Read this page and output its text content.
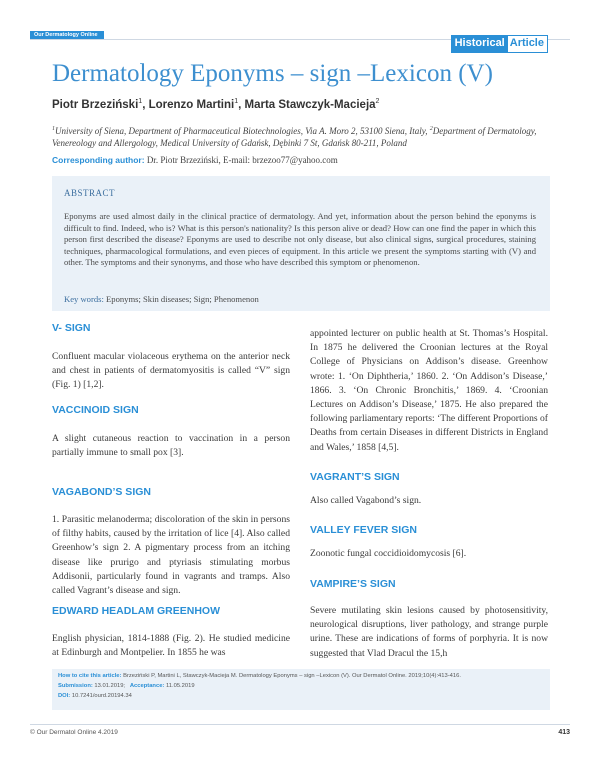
Our Dermatology Online
Historical Article
Dermatology Eponyms – sign –Lexicon (V)
Piotr Brzeziński$^1$, Lorenzo Martini$^1$, Marta Stawczyk-Macieja$^2$
$^1$University of Siena, Department of Pharmaceutical Biotechnologies, Via A. Moro 2, 53100 Siena, Italy, $^2$Department of Dermatology, Venereology and Allergology, Medical University of Gdańsk, Dębinki 7 St, Gdańsk 80-211, Poland
Corresponding author: Dr. Piotr Brzeziński, E-mail: brzezoo77@yahoo.com
ABSTRACT
Eponyms are used almost daily in the clinical practice of dermatology. And yet, information about the person behind the eponyms is difficult to find. Indeed, who is? What is this person's nationality? Is this person alive or dead? How can one find the paper in which this person first described the disease? Eponyms are used to describe not only disease, but also clinical signs, surgical procedures, staining techniques, pharmacological formulations, and even pieces of equipment. In this article we present the symptoms starting with (V) and other. The symptoms and their synonyms, and those who have described this symptom or phenomenon.
Key words: Eponyms; Skin diseases; Sign; Phenomenon
V- SIGN
Confluent macular violaceous erythema on the anterior neck and chest in patients of dermatomyositis is called “V” sign (Fig. 1) [1,2].
VACCINOID SIGN
A slight cutaneous reaction to vaccination in a person partially immune to small pox [3].
VAGABOND’S SIGN
1. Parasitic melanoderma; discoloration of the skin in persons of filthy habits, caused by the irritation of lice [4]. Also called Greenhow’s sign 2. A pigmentary process from an itching disease like prurigo and ptyriasis stimulating morbus Addisonii, particularly found in vagrants and tramps. Also called Vagrant’s disease and sign.
EDWARD HEADLAM GREENHOW
English physician, 1814-1888 (Fig. 2). He studied medicine at Edinburgh and Montpelier. In 1855 he was
appointed lecturer on public health at St. Thomas’s Hospital. In 1875 he delivered the Croonian lectures at the Royal College of Physicians on Addison’s disease. Greenhow wrote: 1. ‘On Diphtheria,’ 1860. 2. ‘On Addison’s Disease,’ 1866. 3. ‘On Chronic Bronchitis,’ 1869. 4. ‘Croonian Lectures on Addison’s Disease,’ 1875. He also prepared the following parliamentary reports: ‘The different Proportions of Deaths from certain Diseases in different Districts in England and Wales,’ 1858 [4,5].
VAGRANT’S SIGN
Also called Vagabond’s sign.
VALLEY FEVER SIGN
Zoonotic fungal coccidioidomycosis [6].
VAMPIRE’S SIGN
Severe mutilating skin lesions caused by photosensitivity, neurological disruptions, liver pathology, and strange purple urine. These are indications of forms of porphyria. It is now suggested that Vlad Dracul the 15,h
How to cite this article: Brzeziński P, Martini L, Stawczyk-Macieja M. Dermatology Eponyms – sign –Lexicon (V). Our Dermatol Online. 2019;10(4):413-416.
Submission: 13.01.2019; Acceptance: 11.05.2019
DOI: 10.7241/ourd.20194.34
© Our Dermatol Online 4.2019	413
